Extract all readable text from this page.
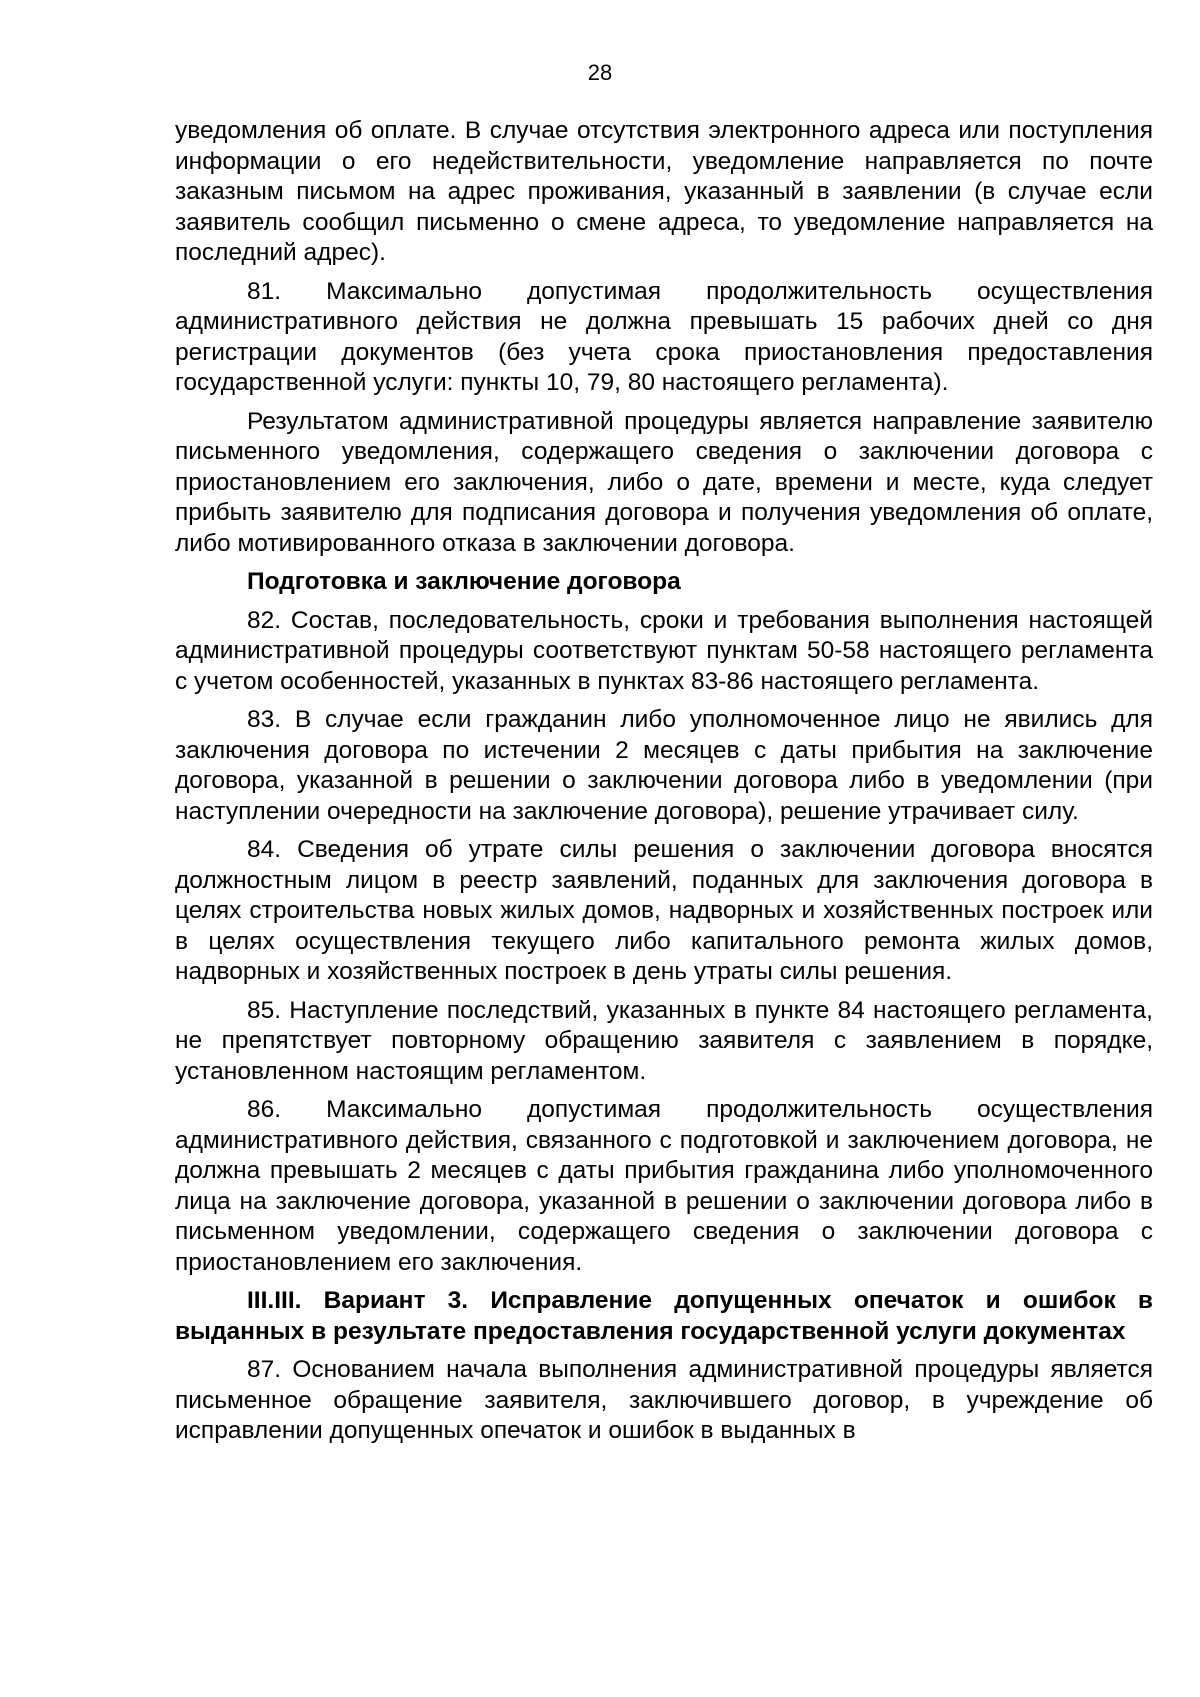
28

уведомления об оплате. В случае отсутствия электронного адреса или поступления информации о его недействительности, уведомление направляется по почте заказным письмом на адрес проживания, указанный в заявлении (в случае если заявитель сообщил письменно о смене адреса, то уведомление направляется на последний адрес).

81. Максимально допустимая продолжительность осуществления административного действия не должна превышать 15 рабочих дней со дня регистрации документов (без учета срока приостановления предоставления государственной услуги: пункты 10, 79, 80 настоящего регламента).

Результатом административной процедуры является направление заявителю письменного уведомления, содержащего сведения о заключении договора с приостановлением его заключения, либо о дате, времени и месте, куда следует прибыть заявителю для подписания договора и получения уведомления об оплате, либо мотивированного отказа в заключении договора.

Подготовка и заключение договора

82. Состав, последовательность, сроки и требования выполнения настоящей административной процедуры соответствуют пунктам 50-58 настоящего регламента с учетом особенностей, указанных в пунктах 83-86 настоящего регламента.

83. В случае если гражданин либо уполномоченное лицо не явились для заключения договора по истечении 2 месяцев с даты прибытия на заключение договора, указанной в решении о заключении договора либо в уведомлении (при наступлении очередности на заключение договора), решение утрачивает силу.

84. Сведения об утрате силы решения о заключении договора вносятся должностным лицом в реестр заявлений, поданных для заключения договора в целях строительства новых жилых домов, надворных и хозяйственных построек или в целях осуществления текущего либо капитального ремонта жилых домов, надворных и хозяйственных построек в день утраты силы решения.

85. Наступление последствий, указанных в пункте 84 настоящего регламента, не препятствует повторному обращению заявителя с заявлением в порядке, установленном настоящим регламентом.

86. Максимально допустимая продолжительность осуществления административного действия, связанного с подготовкой и заключением договора, не должна превышать 2 месяцев с даты прибытия гражданина либо уполномоченного лица на заключение договора, указанной в решении о заключении договора либо в письменном уведомлении, содержащего сведения о заключении договора с приостановлением его заключения.

III.III. Вариант 3. Исправление допущенных опечаток и ошибок в выданных в результате предоставления государственной услуги документах

87. Основанием начала выполнения административной процедуры является письменное обращение заявителя, заключившего договор, в учреждение об исправлении допущенных опечаток и ошибок в выданных в
